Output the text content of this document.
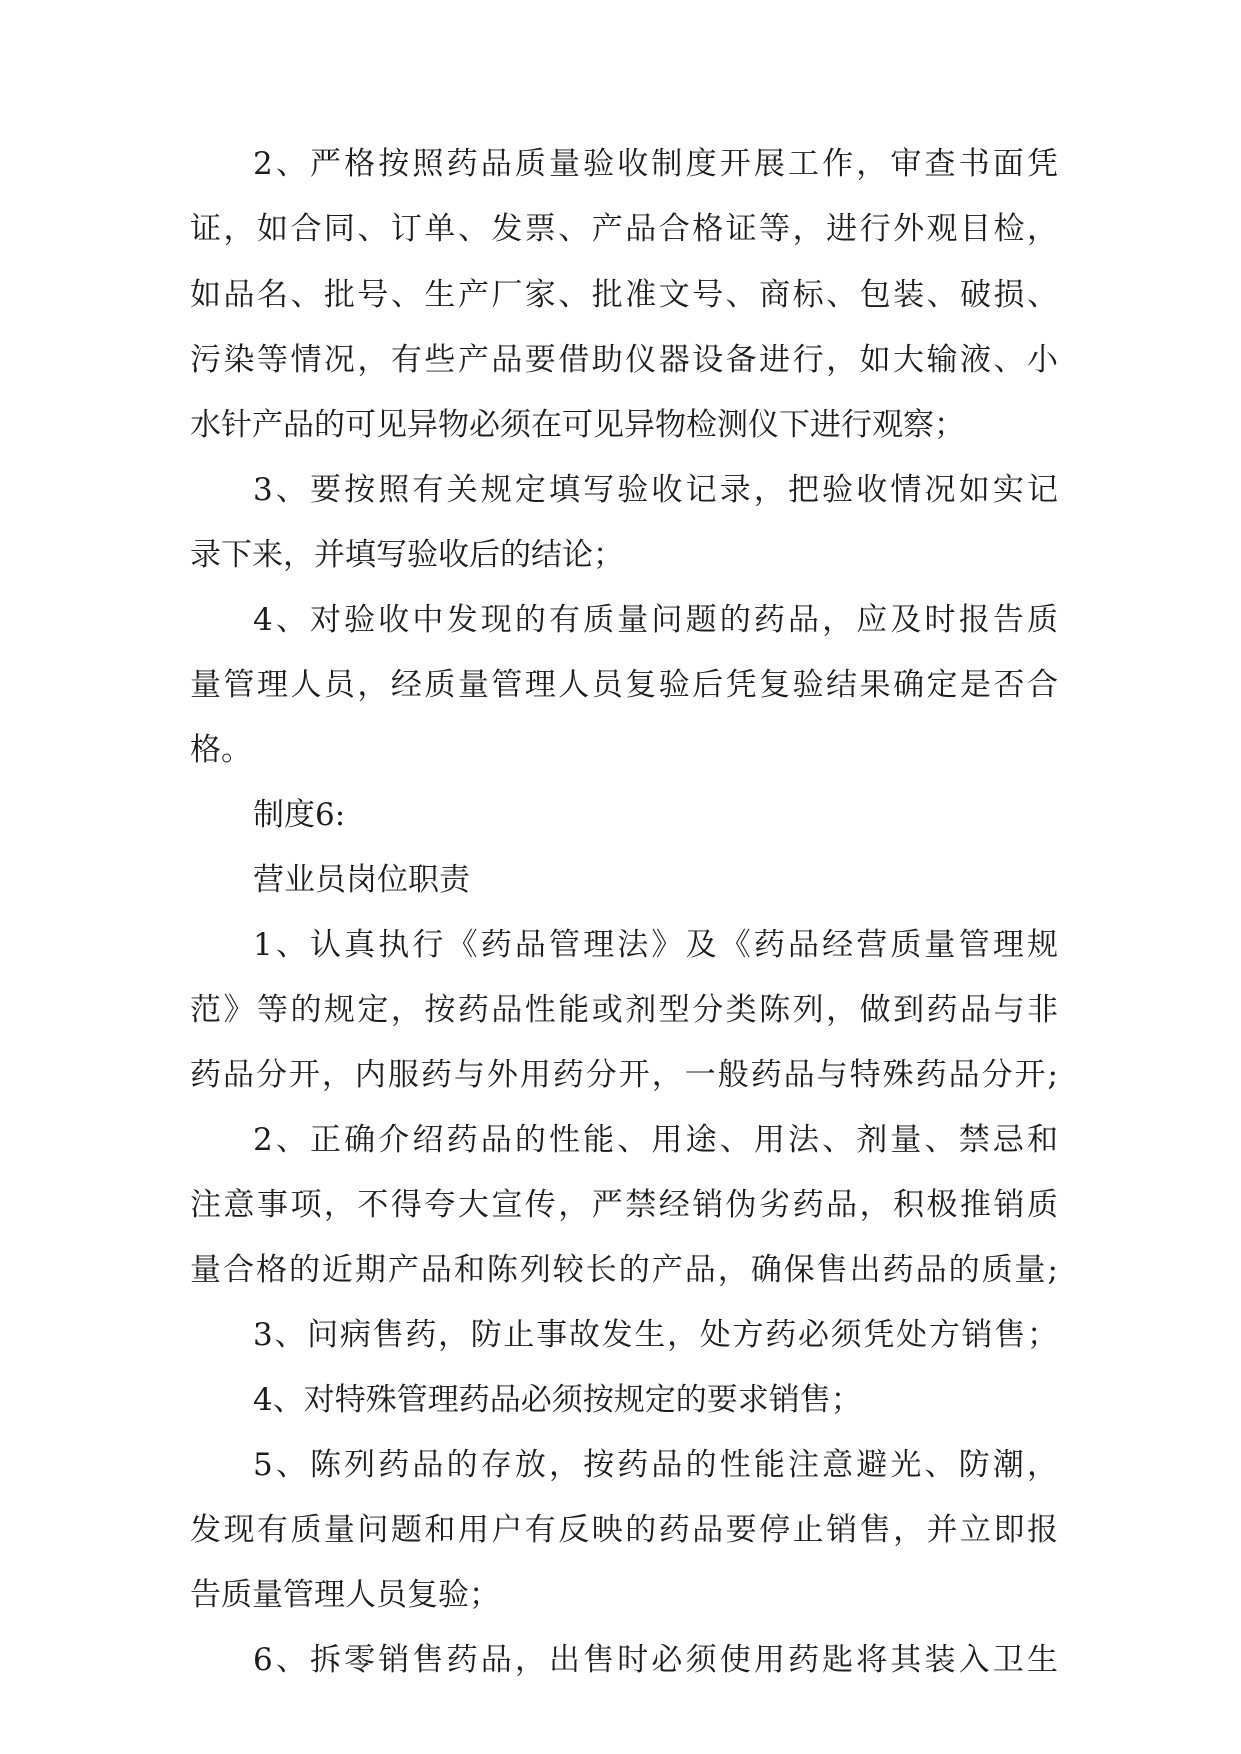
2、严格按照药品质量验收制度开展工作，审查书面凭
证，如合同、订单、发票、产品合格证等，进行外观目检，
如品名、批号、生产厂家、批准文号、商标、包装、破损、
污染等情况，有些产品要借助仪器设备进行，如大输液、小
水针产品的可见异物必须在可见异物检测仪下进行观察；
3、要按照有关规定填写验收记录，把验收情况如实记
录下来，并填写验收后的结论；
4、对验收中发现的有质量问题的药品，应及时报告质
量管理人员，经质量管理人员复验后凭复验结果确定是否合
格。
制度6:
营业员岗位职责
1、认真执行《药品管理法》及《药品经营质量管理规
范》等的规定，按药品性能或剂型分类陈列，做到药品与非
药品分开，内服药与外用药分开，一般药品与特殊药品分开;
2、正确介绍药品的性能、用途、用法、剂量、禁忌和
注意事项，不得夸大宣传，严禁经销伪劣药品，积极推销质
量合格的近期产品和陈列较长的产品，确保售出药品的质量;
3、问病售药，防止事故发生，处方药必须凭处方销售；
4、对特殊管理药品必须按规定的要求销售；
5、陈列药品的存放，按药品的性能注意避光、防潮，
发现有质量问题和用户有反映的药品要停止销售，并立即报
告质量管理人员复验；
6、拆零销售药品，出售时必须使用药匙将其装入卫生
